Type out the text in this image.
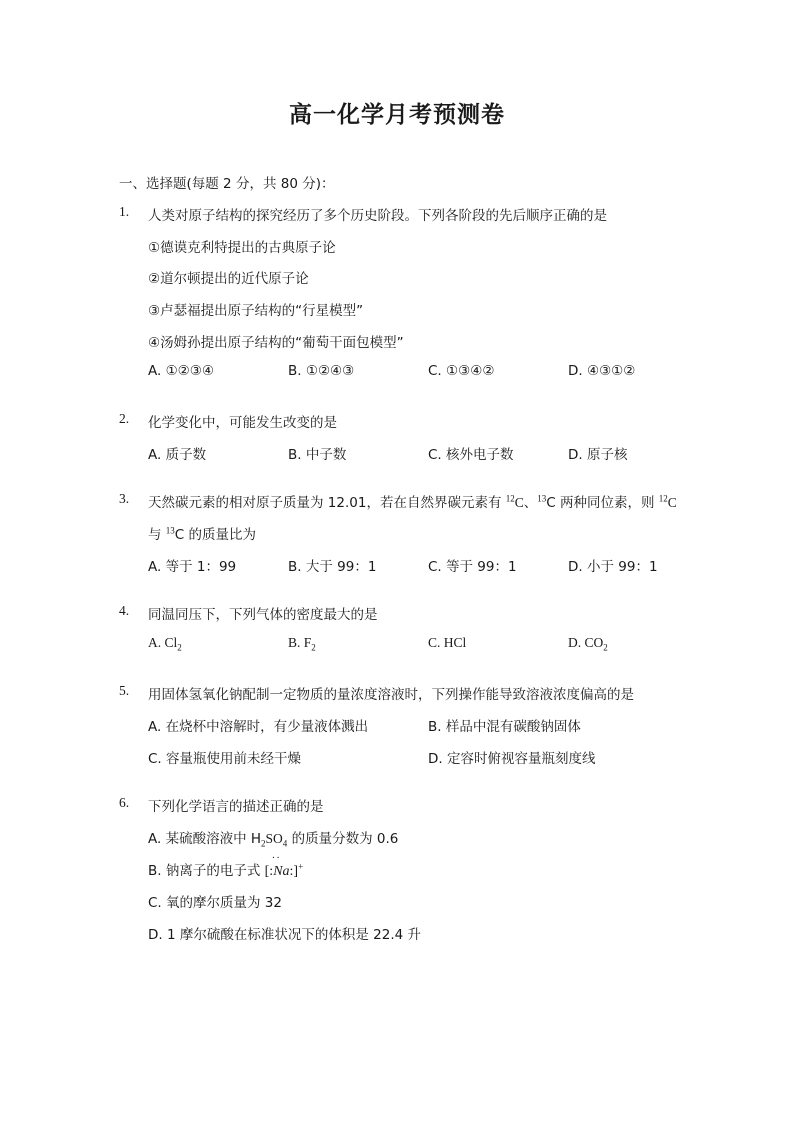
高一化学月考预测卷
一、选择题(每题 2 分，共 80 分)：
1. 人类对原子结构的探究经历了多个历史阶段。下列各阶段的先后顺序正确的是
①德谟克利特提出的古典原子论
②道尔顿提出的近代原子论
③卢瑟福提出原子结构的“行星模型”
④汤姆孙提出原子结构的“葡萄干面包模型”
A. ①②③④	B. ①②④③	C. ①③④②	D. ④③①②
2. 化学变化中，可能发生改变的是
A. 质子数	B. 中子数	C. 核外电子数	D. 原子核
3. 天然碳元素的相对原子质量为 12.01，若在自然界碳元素有 $^{12}$C、$^{13}$C 两种同位素，则 $^{12}$C
与 $^{13}$C 的质量比为
A. 等于 1：99	B. 大于 99：1	C. 等于 99：1	D. 小于 99：1
4. 同温同压下，下列气体的密度最大的是
A. $Cl_2$	B. $F_2$	C. HCl	D. $CO_2$
5. 用固体氢氧化钠配制一定物质的量浓度溶液时，下列操作能导致溶液浓度偏高的是
A. 在烧杯中溶解时，有少量液体溅出	B. 样品中混有碳酸钠固体
C. 容量瓶使用前未经干燥	D. 定容时俯视容量瓶刻度线
6. 下列化学语言的描述正确的是
A. 某硫酸溶液中 $H_2SO_4$ 的质量分数为 0.6
B. 钠离子的电子式 [:Na:]
··
+
C. 氧的摩尔质量为 32
D. 1 摩尔硫酸在标准状况下的体积是 22.4 升
